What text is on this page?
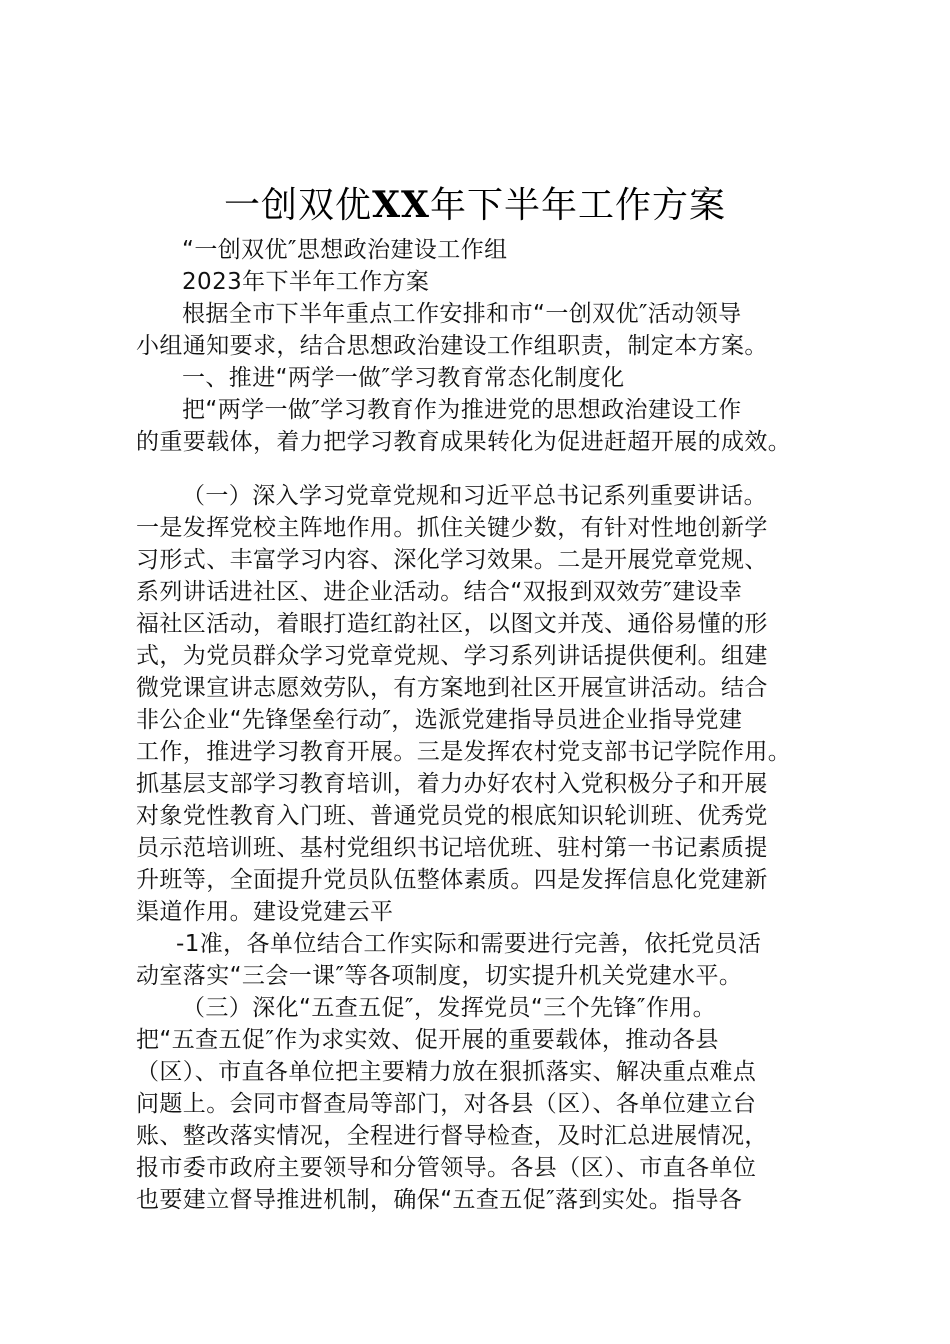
一创双优XX年下半年工作方案
“一创双优″思想政治建设工作组
2023年下半年工作方案
根据全市下半年重点工作安排和市“一创双优″活动领导
小组通知要求，结合思想政治建设工作组职责，制定本方案。
一、推进“两学一做″学习教育常态化制度化
把“两学一做″学习教育作为推进党的思想政治建设工作
的重要载体，着力把学习教育成果转化为促进赶超开展的成效。
（一）深入学习党章党规和习近平总书记系列重要讲话。
一是发挥党校主阵地作用。抓住关键少数，有针对性地创新学
习形式、丰富学习内容、深化学习效果。二是开展党章党规、
系列讲话进社区、进企业活动。结合“双报到双效劳″建设幸
福社区活动，着眼打造红韵社区，以图文并茂、通俗易懂的形
式，为党员群众学习党章党规、学习系列讲话提供便利。组建
微党课宣讲志愿效劳队，有方案地到社区开展宣讲活动。结合
非公企业“先锋堡垒行动″，选派党建指导员进企业指导党建
工作，推进学习教育开展。三是发挥农村党支部书记学院作用。
抓基层支部学习教育培训，着力办好农村入党积极分子和开展
对象党性教育入门班、普通党员党的根底知识轮训班、优秀党
员示范培训班、基村党组织书记培优班、驻村第一书记素质提
升班等，全面提升党员队伍整体素质。四是发挥信息化党建新
渠道作用。建设党建云平
-1准，各单位结合工作实际和需要进行完善，依托党员活
动室落实“三会一课″等各项制度，切实提升机关党建水平。
（三）深化“五查五促″，发挥党员“三个先锋″作用。
把“五查五促″作为求实效、促开展的重要载体，推动各县
（区）、市直各单位把主要精力放在狠抓落实、解决重点难点
问题上。会同市督查局等部门，对各县（区）、各单位建立台
账、整改落实情况，全程进行督导检查，及时汇总进展情况，
报市委市政府主要领导和分管领导。各县（区）、市直各单位
也要建立督导推进机制，确保“五查五促″落到实处。指导各
